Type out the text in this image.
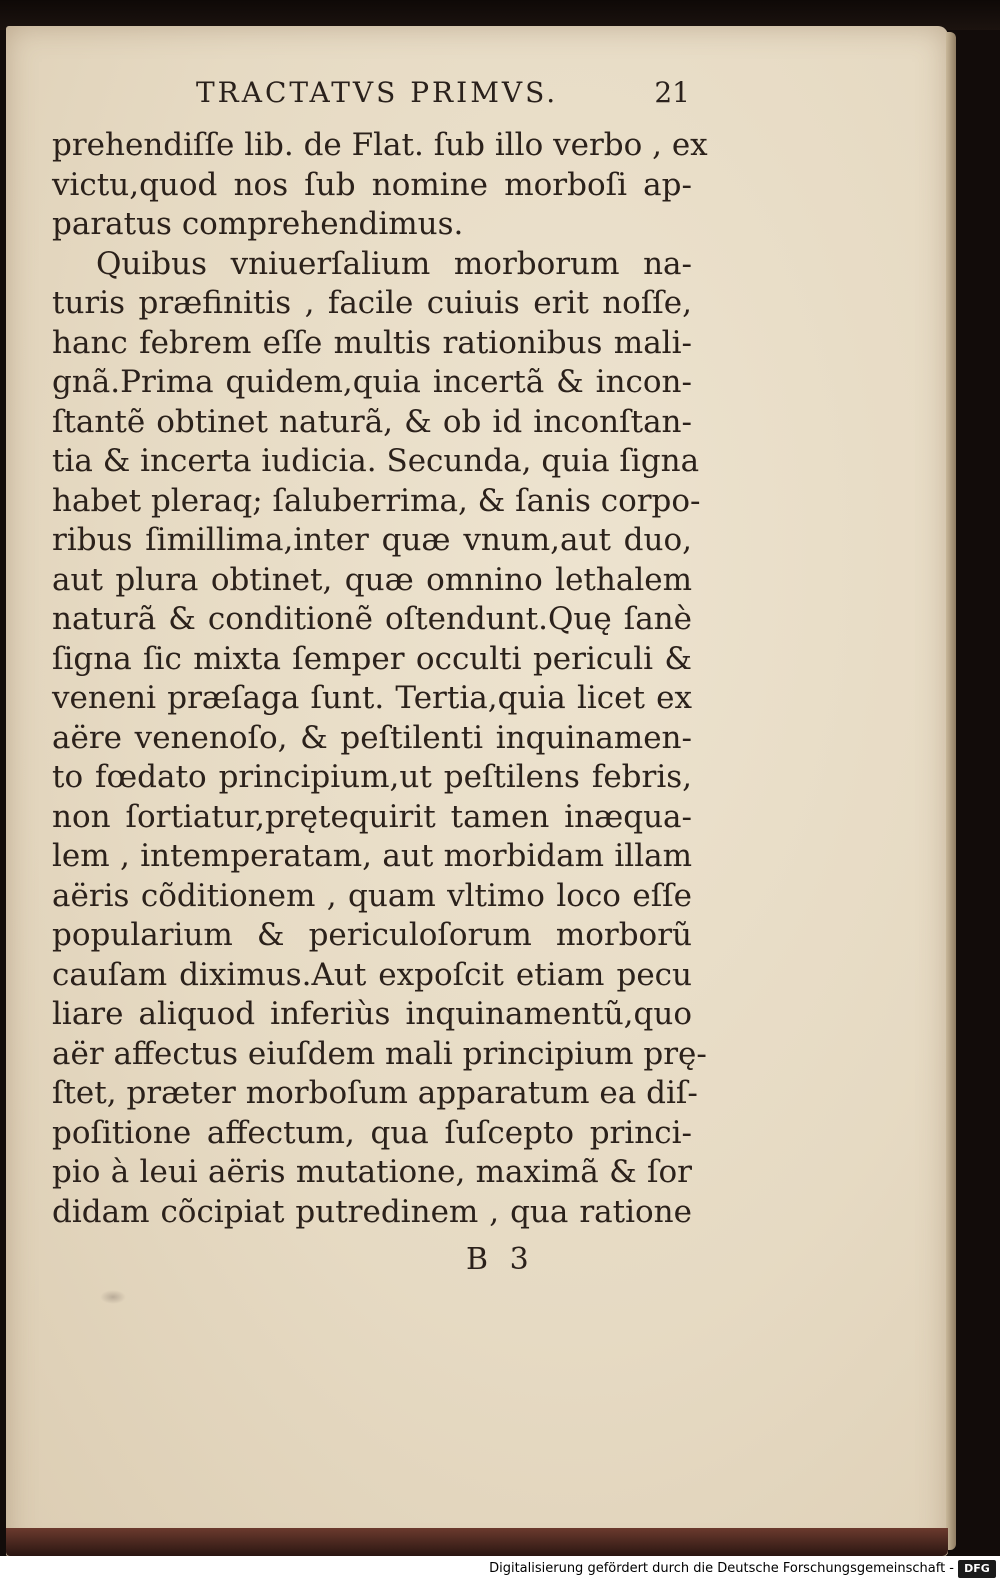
TRACTATVS PRIMVS.	21
prehendiſſe lib. de Flat. ſub illo verbo , ex
victu,quod nos ſub nomine morboſi ap-
paratus comprehendimus.
Quibus vniuerſalium morborum na-
turis præfinitis , facile cuiuis erit noſſe,
hanc febrem eſſe multis rationibus mali-
gnã.Prima quidem,quia incertã & incon-
ſtantẽ obtinet naturã, & ob id inconſtan-
tia & incerta iudicia. Secunda, quia ſigna
habet pleraq; ſaluberrima, & ſanis corpo-
ribus ſimillima,inter quæ vnum,aut duo,
aut plura obtinet, quæ omnino lethalem
naturã & conditionẽ oſtendunt.Quę ſanè
ſigna ſic mixta ſemper occulti periculi &
veneni præſaga ſunt. Tertia,quia licet ex
aëre venenoſo, & peſtilenti inquinamen-
to fœdato principium,ut peſtilens febris,
non ſortiatur,prętequirit tamen inæqua-
lem , intemperatam, aut morbidam illam
aëris cõditionem , quam vltimo loco eſſe
popularium & periculoſorum morborũ
cauſam diximus.Aut expoſcit etiam pecu
liare aliquod inferiùs inquinamentũ,quo
aër affectus eiuſdem mali principium prę-
ſtet, præter morboſum apparatum ea diſ-
poſitione affectum, qua ſuſcepto princi-
pio à leui aëris mutatione, maximã & ſor
didam cõcipiat putredinem , qua ratione
B 3
Digitalisierung gefördert durch die Deutsche Forschungsgemeinschaft - DFG
